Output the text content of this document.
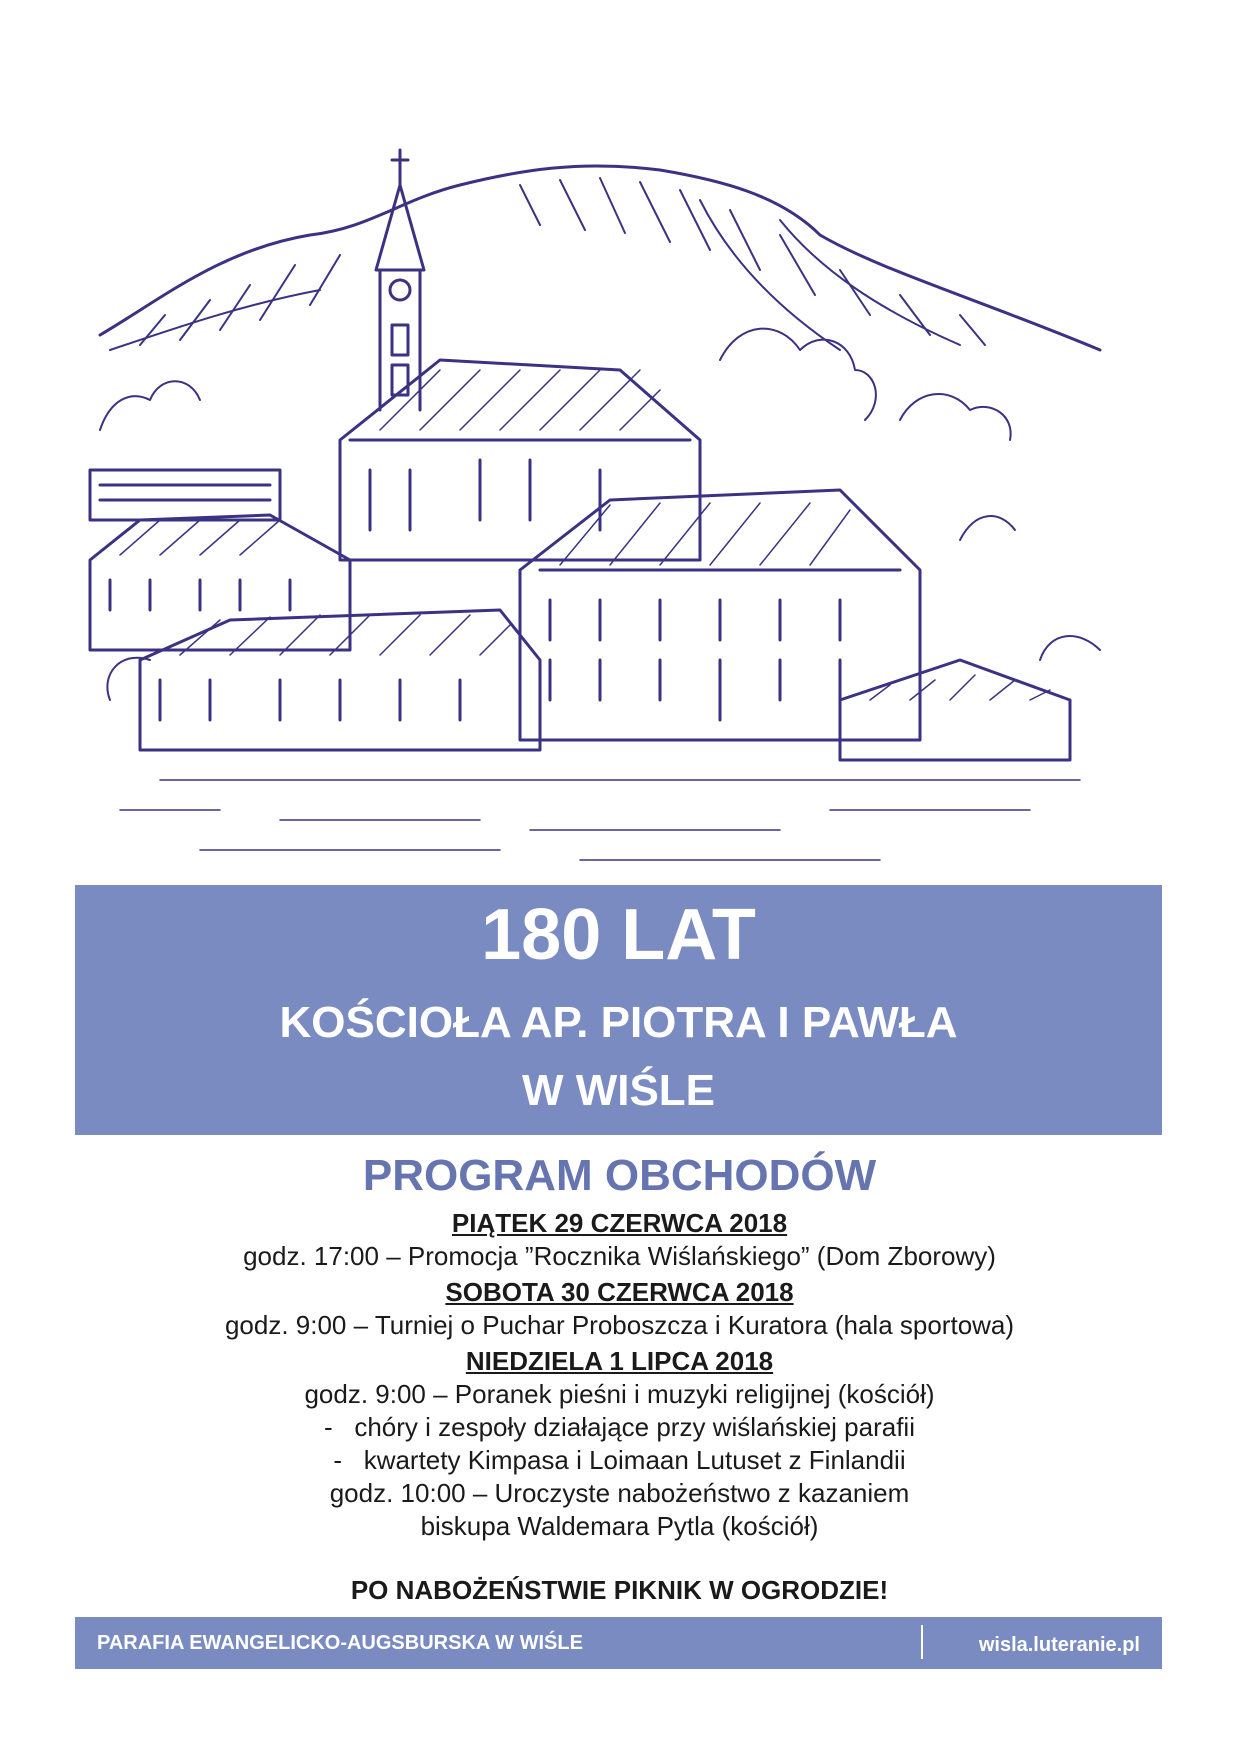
180 LAT
KOŚCIOŁA AP. PIOTRA I PAWŁA
W WIŚLE
PROGRAM OBCHODÓW
PIĄTEK 29 CZERWCA 2018
godz. 17:00 – Promocja ”Rocznika Wiślańskiego” (Dom Zborowy)
SOBOTA 30 CZERWCA 2018
godz. 9:00 – Turniej o Puchar Proboszcza i Kuratora (hala sportowa)
NIEDZIELA 1 LIPCA 2018
godz. 9:00 – Poranek pieśni i muzyki religijnej (kościół)
-   chóry i zespoły działające przy wiślańskiej parafii
-   kwartety Kimpasa i Loimaan Lutuset z Finlandii
godz. 10:00 – Uroczyste nabożeństwo z kazaniem
biskupa Waldemara Pytla (kościół)
PO NABOŻEŃSTWIE PIKNIK W OGRODZIE!
PARAFIA EWANGELICKO-AUGSBURSKA W WIŚLE	wisla.luteranie.pl
